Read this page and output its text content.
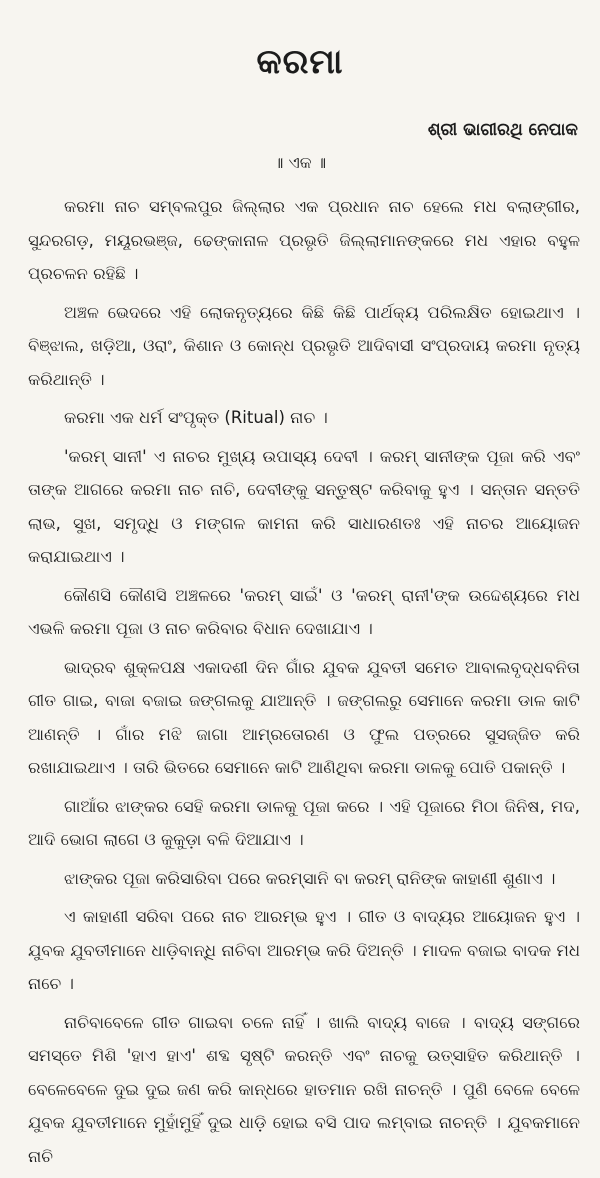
କରମା
ଶ୍ରୀ ଭାଗୀରଥି ନେପାକ
॥ ଏକ ॥

କରମା ନାଚ ସମ୍ବଲପୁର ଜିଲ୍ଲାର ଏକ ପ୍ରଧାନ ନାଚ ହେଲେ ମଧ ବଲାଙ୍ଗୀର, ସୁନ୍ଦରଗଡ଼, ମୟୂରଭଞ୍ଜ, ଢେଙ୍କାନାଳ ପ୍ରଭୃତି ଜିଲ୍ଲାମାନଙ୍କରେ ମଧ ଏହାର ବହୁଳ ପ୍ରଚଳନ ରହିଛି ।

ଅଞ୍ଚଳ ଭେଦରେ ଏହି ଲୋକନୃତ୍ୟରେ କିଛି କିଛି ପାର୍ଥକ୍ୟ ପରିଲକ୍ଷିତ ହୋଇଥାଏ । ବିଞ୍ଝାଲ, ଖଡ଼ିଆ, ଓରାଂ, କିଶାନ ଓ କୋନ୍ଧ ପ୍ରଭୃତି ଆଦିବାସୀ ସଂପ୍ରଦାୟ କରମା ନୃତ୍ୟ କରିଥାନ୍ତି ।

କରମା ଏକ ଧର୍ମ ସଂପୃକ୍ତ (Ritual) ନାଚ ।

'କରମ୍ ସାନୀ' ଏ ନାଚର ମୁଖ୍ୟ ଉପାସ୍ୟ ଦେବୀ । କରମ୍ ସାନୀଙ୍କ ପୂଜା କରି ଏବଂ ତାଙ୍କ ଆଗରେ କରମା ନାଚ ନାଚି, ଦେବୀଙ୍କୁ ସନ୍ତୁଷ୍ଟ କରିବାକୁ ହୁଏ । ସନ୍ତାନ ସନ୍ତତି ଲାଭ, ସୁଖ, ସମୃଦ୍ଧି ଓ ମଙ୍ଗଳ କାମନା କରି ସାଧାରଣତଃ ଏହି ନାଚର ଆୟୋଜନ କରାଯାଇଥାଏ ।

କୌଣସି କୌଣସି ଅଞ୍ଚଳରେ 'କରମ୍ ସାଇଁ' ଓ 'କରମ୍ ରାନୀ'ଙ୍କ ଉଦ୍ଦେଶ୍ୟରେ ମଧ ଏଭଳି କରମା ପୂଜା ଓ ନାଚ କରିବାର ବିଧାନ ଦେଖାଯାଏ ।

ଭାଦ୍ରବ ଶୁକ୍ଳପକ୍ଷ ଏକାଦଶୀ ଦିନ ଗାଁର ଯୁବକ ଯୁବତୀ ସମେତ ଆବାଲବୃଦ୍ଧବନିତା ଗୀତ ଗାଇ, ବାଜା ବଜାଇ ଜଙ୍ଗଲକୁ ଯାଆନ୍ତି । ଜଙ୍ଗଲରୁ ସେମାନେ କରମା ଡାଳ କାଟି ଆଣନ୍ତି । ଗାଁର ମଝି ଜାଗା ଆମ୍ରତୋରଣ ଓ ଫୁଲ ପତ୍ରରେ ସୁସଜ୍ଜିତ କରି ରଖାଯାଇଥାଏ । ତାରି ଭିତରେ ସେମାନେ କାଟି ଆଣିଥିବା କରମା ଡାଳକୁ ପୋତି ପକାନ୍ତି ।

ଗାଆଁର ଝାଙ୍କର ସେହି କରମା ଡାଳକୁ ପୂଜା କରେ । ଏହି ପୂଜାରେ ମିଠା ଜିନିଷ, ମଦ, ଆଦି ଭୋଗ ଲାଗେ ଓ କୁକୁଡ଼ା ବଳି ଦିଆଯାଏ ।

ଝାଙ୍କର ପୂଜା କରିସାରିବା ପରେ କରମ୍ସାନି ବା କରମ୍ ରାନିଙ୍କ କାହାଣୀ ଶୁଣାଏ ।

ଏ କାହାଣୀ ସରିବା ପରେ ନାଚ ଆରମ୍ଭ ହୁଏ । ଗୀତ ଓ ବାଦ୍ୟର ଆୟୋଜନ ହୁଏ । ଯୁବକ ଯୁବତୀମାନେ ଧାଡ଼ିବାନ୍ଧି ନାଚିବା ଆରମ୍ଭ କରି ଦିଅନ୍ତି । ମାଦଳ ବଜାଇ ବାଦକ ମଧ ନାଚେ ।

ନାଚିବାବେଳେ ଗୀତ ଗାଇବା ଚଳେ ନାହିଁ । ଖାଲି ବାଦ୍ୟ ବାଜେ । ବାଦ୍ୟ ସଙ୍ଗରେ ସମସ୍ତେ ମିଶି 'ହାଏ ହାଏ' ଶବ୍ଦ ସୃଷ୍ଟି କରନ୍ତି ଏବଂ ନାଚକୁ ଉତ୍ସାହିତ କରିଥାନ୍ତି । ବେଳେବେଳେ ଦୁଇ ଦୁଇ ଜଣ କରି କାନ୍ଧରେ ହାତମାନ ରଖି ନାଚନ୍ତି । ପୁଣି ବେଳେ ବେଳେ ଯୁବକ ଯୁବତୀମାନେ ମୁହାଁମୁହିଁ ଦୁଇ ଧାଡ଼ି ହୋଇ ବସି ପାଦ ଲମ୍ବାଇ ନାଚନ୍ତି । ଯୁବକମାନେ ନାଚି
